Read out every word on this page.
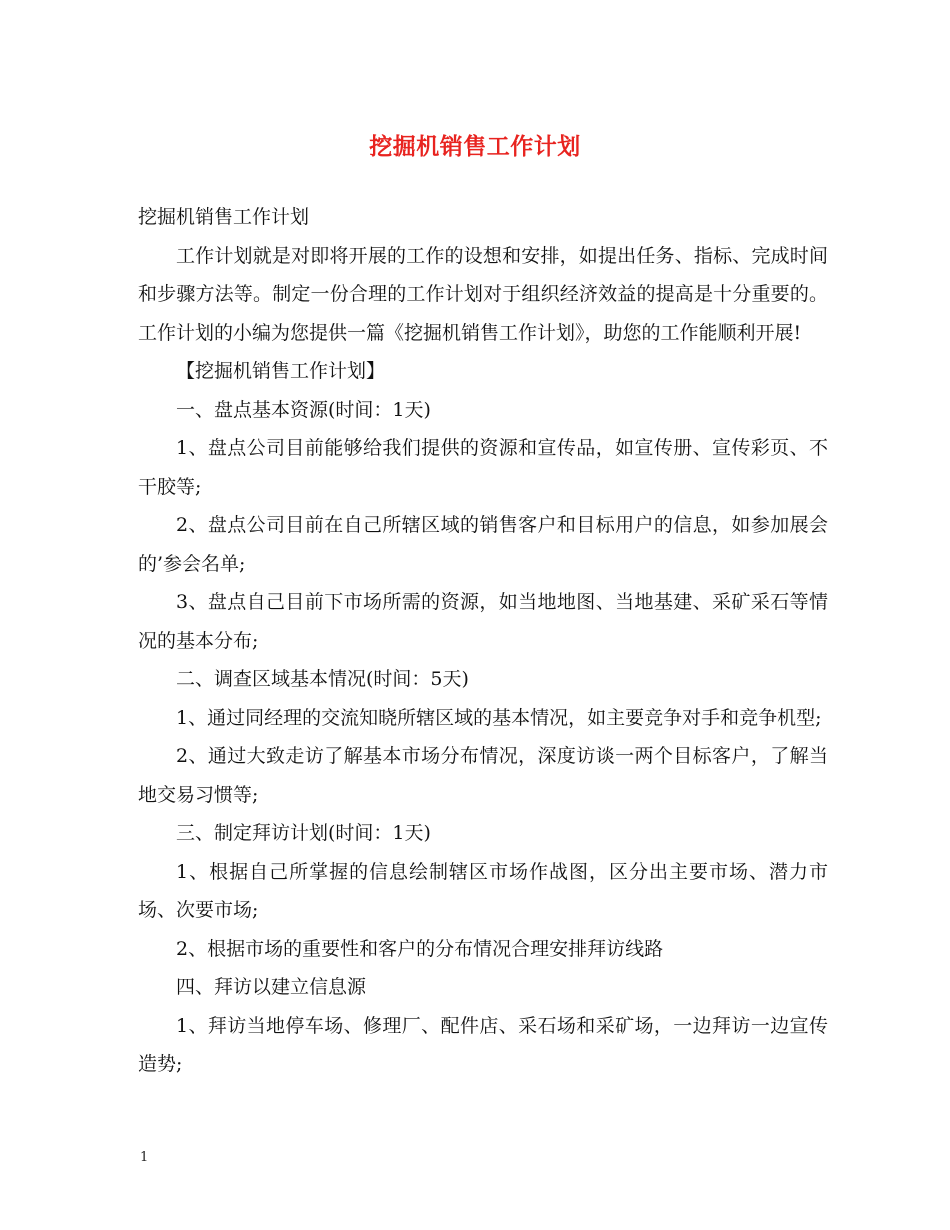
挖掘机销售工作计划

挖掘机销售工作计划

工作计划就是对即将开展的工作的设想和安排，如提出任务、指标、完成时间和步骤方法等。制定一份合理的工作计划对于组织经济效益的提高是十分重要的。工作计划的小编为您提供一篇《挖掘机销售工作计划》，助您的工作能顺利开展!

【挖掘机销售工作计划】

一、盘点基本资源(时间：1天)

1、盘点公司目前能够给我们提供的资源和宣传品，如宣传册、宣传彩页、不干胶等;

2、盘点公司目前在自己所辖区域的销售客户和目标用户的信息，如参加展会的’参会名单;

3、盘点自己目前下市场所需的资源，如当地地图、当地基建、采矿采石等情况的基本分布;

二、调查区域基本情况(时间：5天)

1、通过同经理的交流知晓所辖区域的基本情况，如主要竞争对手和竞争机型;

2、通过大致走访了解基本市场分布情况，深度访谈一两个目标客户，了解当地交易习惯等;

三、制定拜访计划(时间：1天)

1、根据自己所掌握的信息绘制辖区市场作战图，区分出主要市场、潜力市场、次要市场;

2、根据市场的重要性和客户的分布情况合理安排拜访线路

四、拜访以建立信息源

1、拜访当地停车场、修理厂、配件店、采石场和采矿场，一边拜访一边宣传造势;

1
